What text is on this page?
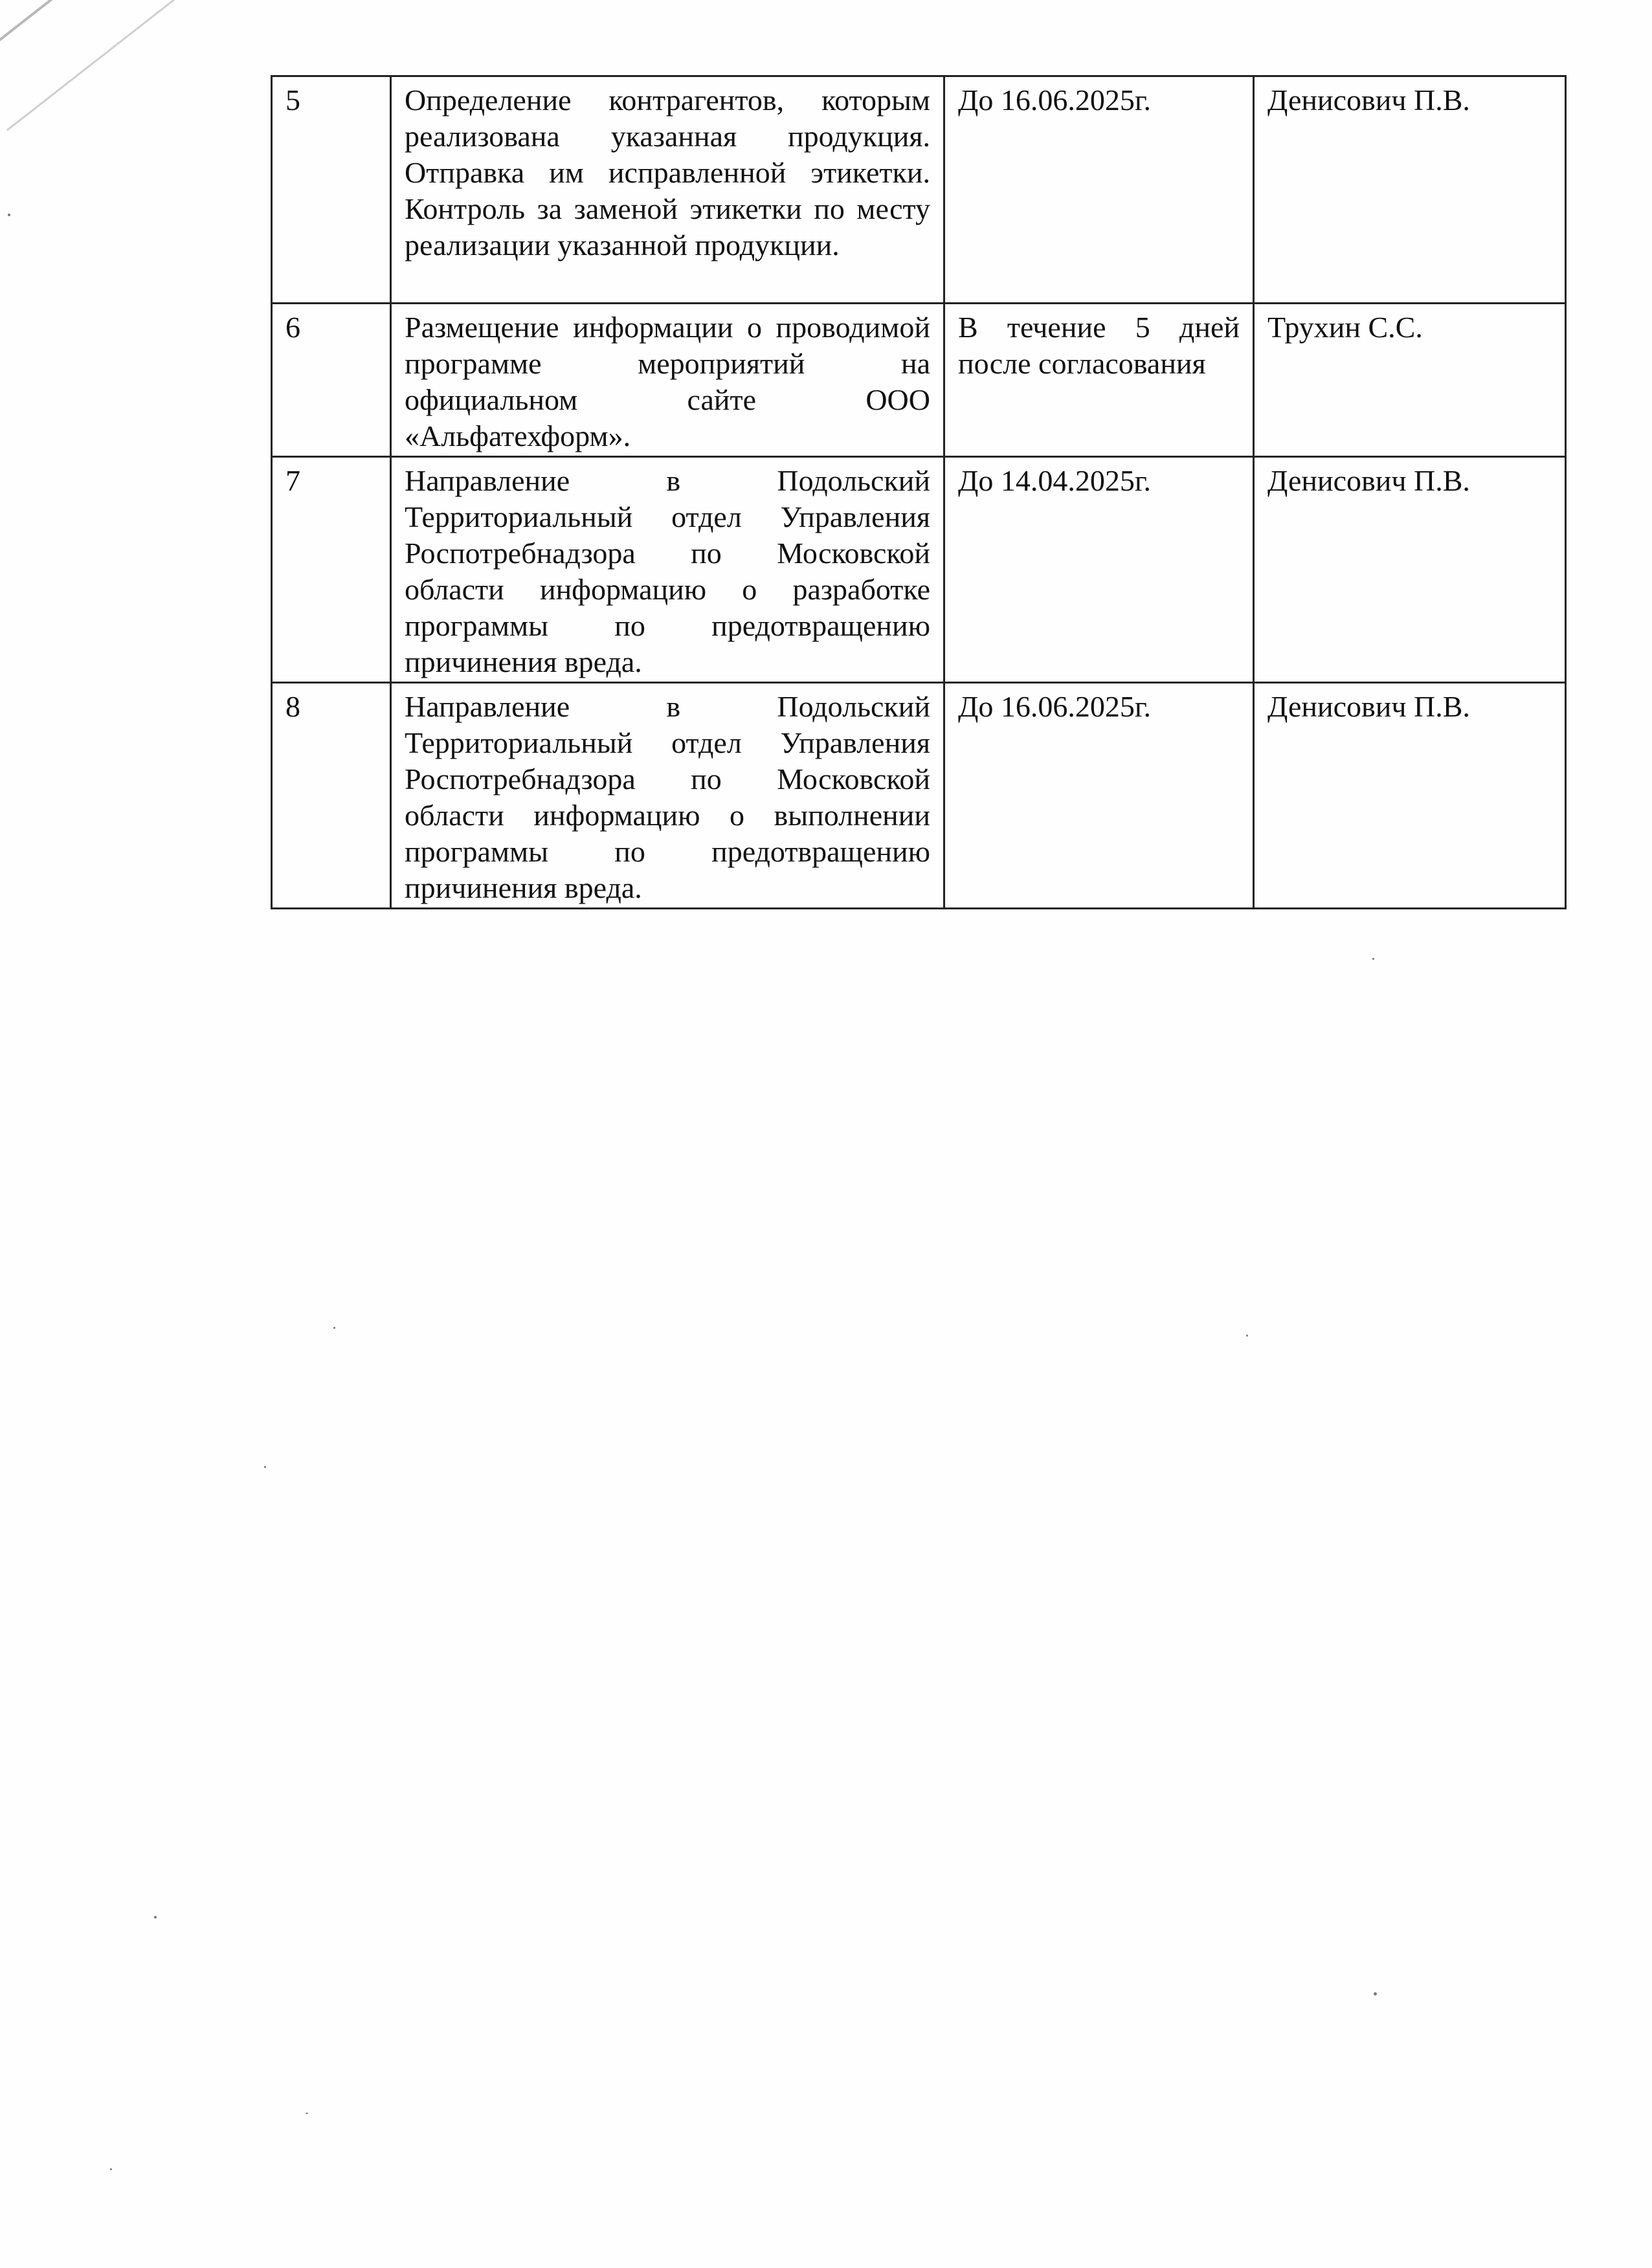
5	Определение контрагентов, которым реализована указанная продукция. Отправка им исправленной этикетки. Контроль за заменой этикетки по месту реализации указанной продукции.	До 16.06.2025г.	Денисович П.В.
6	Размещение информации о проводимой программе мероприятий на официальном сайте ООО «Альфатехформ».	В течение 5 дней после согласования	Трухин С.С.
7	Направление в Подольский Территориальный отдел Управления Роспотребнадзора по Московской области информацию о разработке программы по предотвращению причинения вреда.	До 14.04.2025г.	Денисович П.В.
8	Направление в Подольский Территориальный отдел Управления Роспотребнадзора по Московской области информацию о выполнении программы по предотвращению причинения вреда.	До 16.06.2025г.	Денисович П.В.
